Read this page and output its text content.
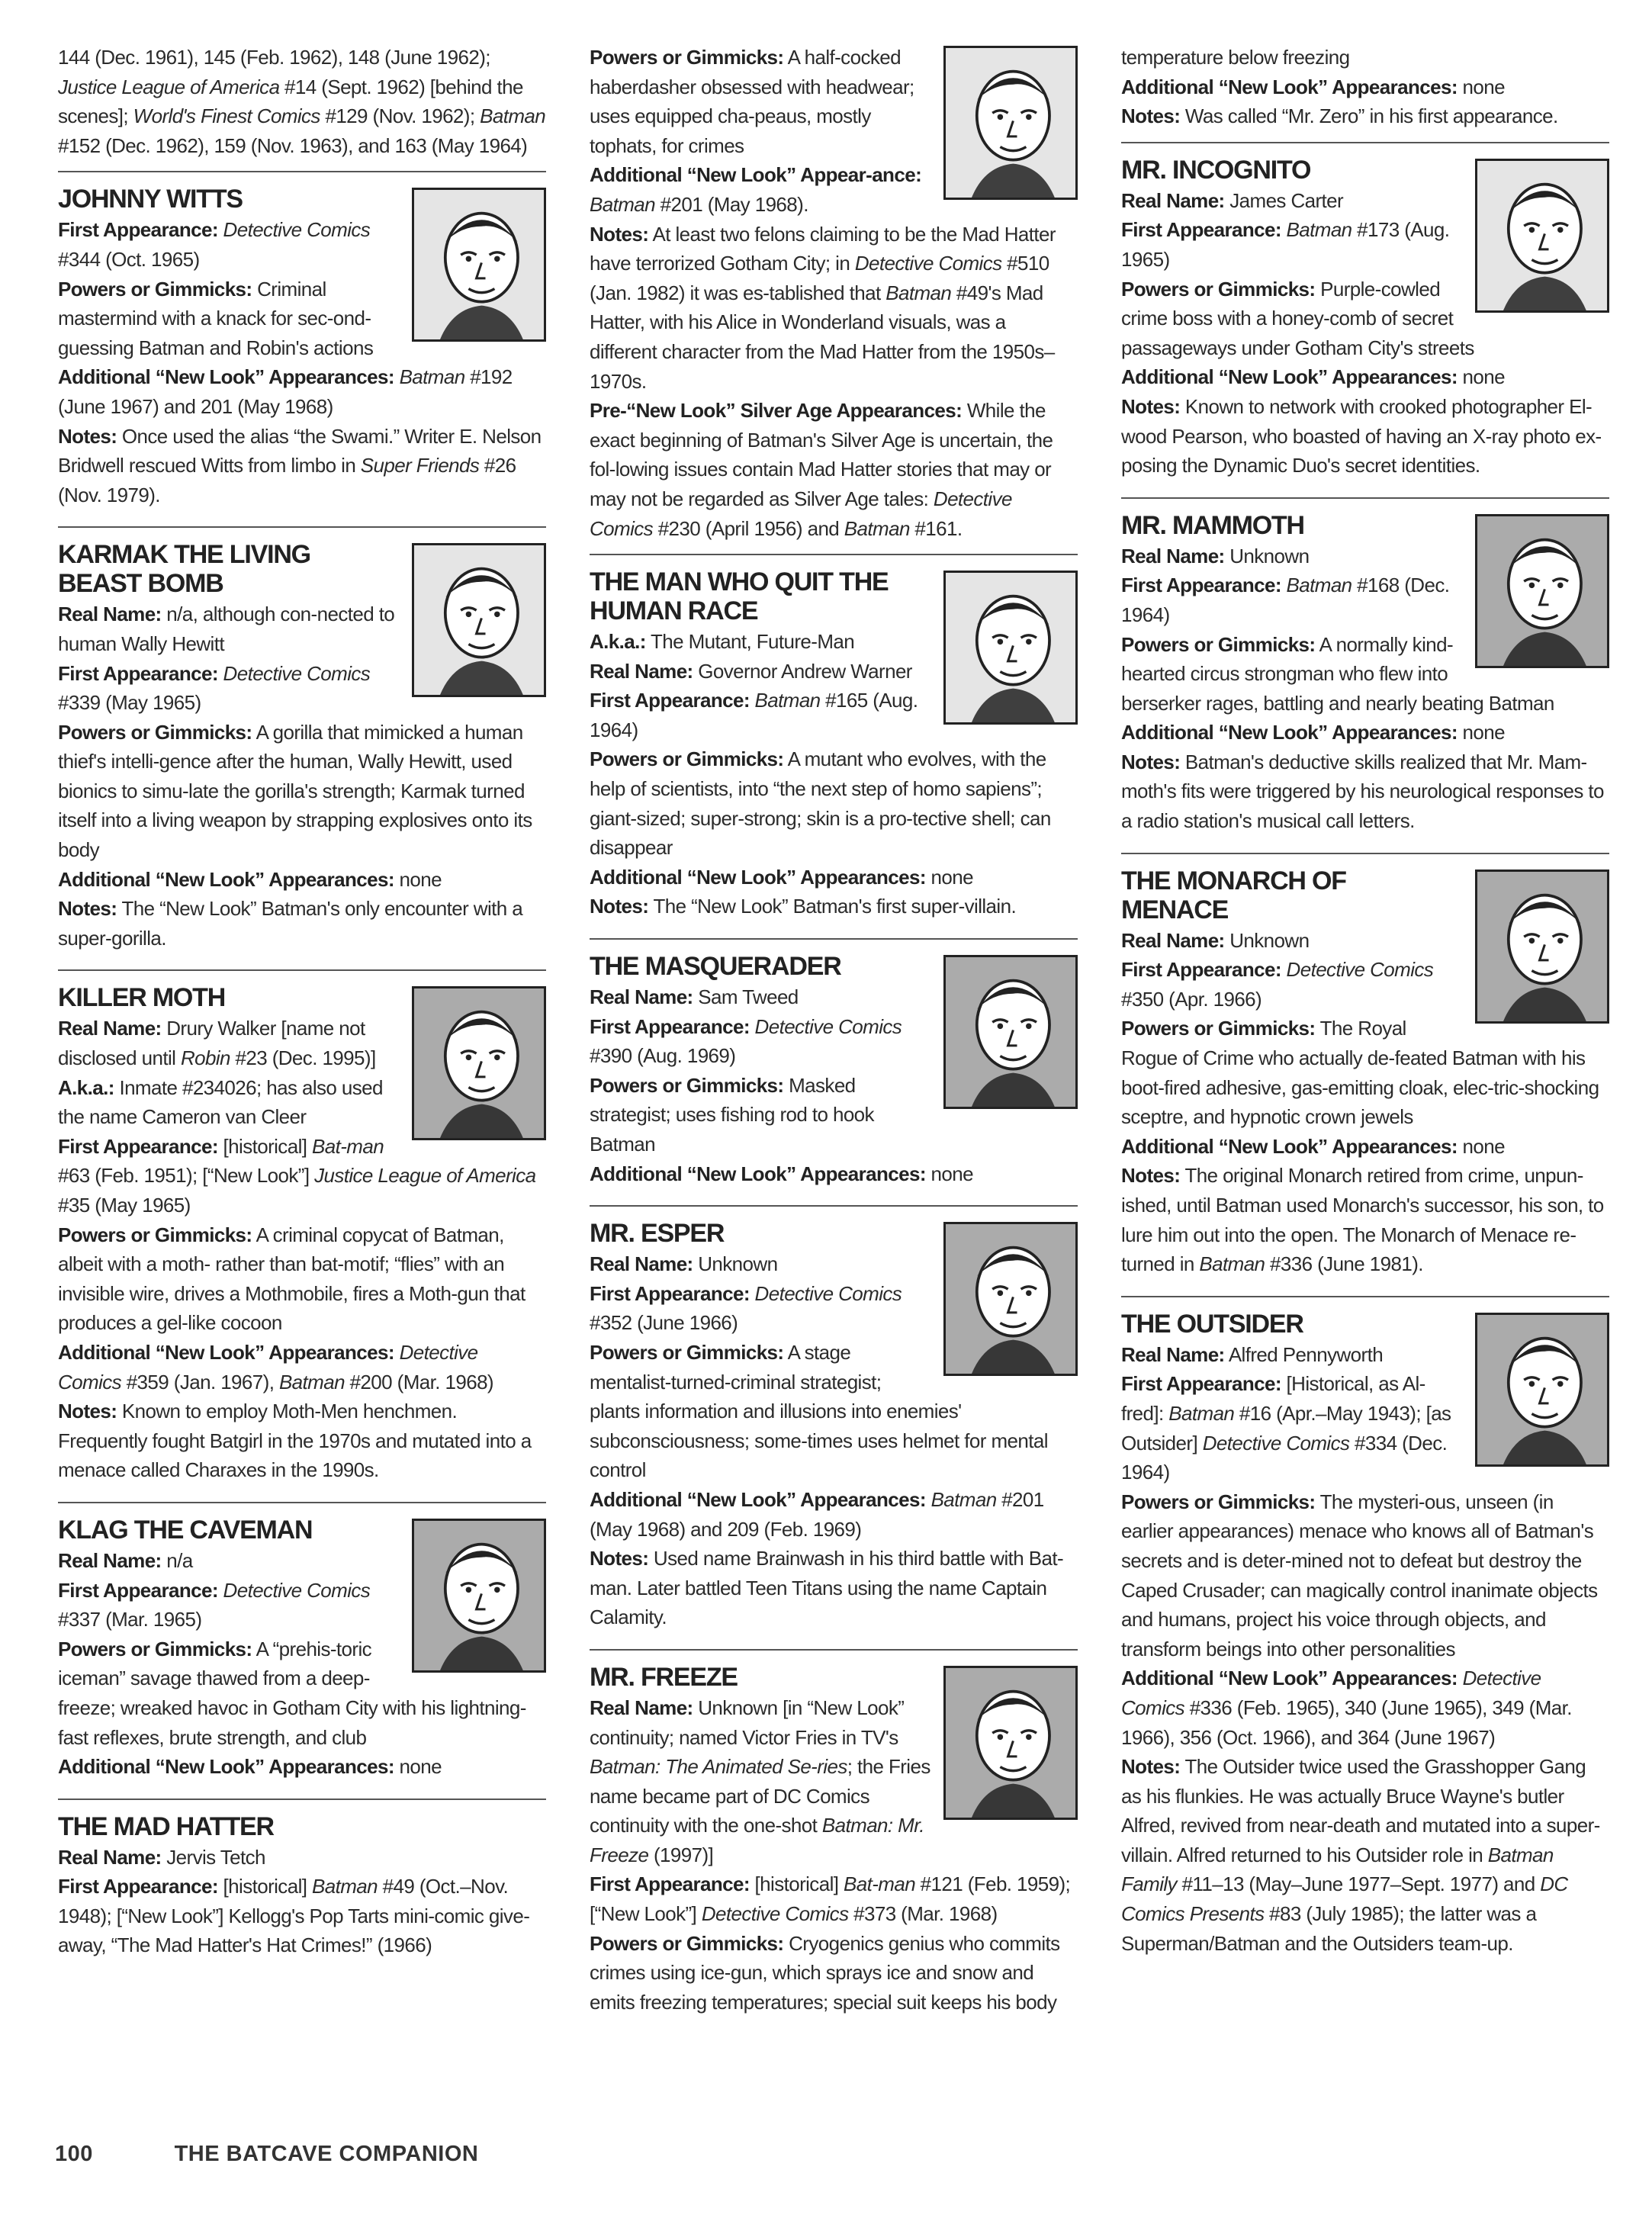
144 (Dec. 1961), 145 (Feb. 1962), 148 (June 1962); Justice League of America #14 (Sept. 1962) [behind the scenes]; World's Finest Comics #129 (Nov. 1962); Batman #152 (Dec. 1962), 159 (Nov. 1963), and 163 (May 1964)
JOHNNY WITTS
First Appearance: Detective Comics #344 (Oct. 1965)
Powers or Gimmicks: Criminal mastermind with a knack for sec-ond-guessing Batman and Robin's actions
Additional “New Look” Appearances: Batman #192 (June 1967) and 201 (May 1968)
Notes: Once used the alias “the Swami.” Writer E. Nelson Bridwell rescued Witts from limbo in Super Friends #26 (Nov. 1979).
KARMAK THE LIVING BEAST BOMB
Real Name: n/a, although con-nected to human Wally Hewitt
First Appearance: Detective Comics #339 (May 1965)
Powers or Gimmicks: A gorilla that mimicked a human thief's intelli-gence after the human, Wally Hewitt, used bionics to simu-late the gorilla's strength; Karmak turned itself into a living weapon by strapping explosives onto its body
Additional “New Look” Appearances: none
Notes: The “New Look” Batman's only encounter with a super-gorilla.
KILLER MOTH
Real Name: Drury Walker [name not disclosed until Robin #23 (Dec. 1995)]
A.k.a.: Inmate #234026; has also used the name Cameron van Cleer
First Appearance: [historical] Bat-man #63 (Feb. 1951); [“New Look”] Justice League of America #35 (May 1965)
Powers or Gimmicks: A criminal copycat of Batman, albeit with a moth- rather than bat-motif; “flies” with an invisible wire, drives a Mothmobile, fires a Moth-gun that produces a gel-like cocoon
Additional “New Look” Appearances: Detective Comics #359 (Jan. 1967), Batman #200 (Mar. 1968)
Notes: Known to employ Moth-Men henchmen. Frequently fought Batgirl in the 1970s and mutated into a menace called Charaxes in the 1990s.
KLAG THE CAVEMAN
Real Name: n/a
First Appearance: Detective Comics #337 (Mar. 1965)
Powers or Gimmicks: A “prehis-toric iceman” savage thawed from a deep-freeze; wreaked havoc in Gotham City with his lightning-fast reflexes, brute strength, and club
Additional “New Look” Appearances: none
THE MAD HATTER
Real Name: Jervis Tetch
First Appearance: [historical] Batman #49 (Oct.–Nov. 1948); [“New Look”] Kellogg's Pop Tarts mini-comic give-away, “The Mad Hatter's Hat Crimes!” (1966)
Powers or Gimmicks: A half-cocked haberdasher obsessed with headwear; uses equipped cha-peaus, mostly tophats, for crimes
Additional “New Look” Appear-ance: Batman #201 (May 1968).
Notes: At least two felons claiming to be the Mad Hatter have terrorized Gotham City; in Detective Comics #510 (Jan. 1982) it was es-tablished that Batman #49's Mad Hatter, with his Alice in Wonderland visuals, was a different character from the Mad Hatter from the 1950s–1970s.
Pre-“New Look” Silver Age Appearances: While the exact beginning of Batman's Silver Age is uncertain, the fol-lowing issues contain Mad Hatter stories that may or may not be regarded as Silver Age tales: Detective Comics #230 (April 1956) and Batman #161.
THE MAN WHO QUIT THE HUMAN RACE
A.k.a.: The Mutant, Future-Man
Real Name: Governor Andrew Warner
First Appearance: Batman #165 (Aug. 1964)
Powers or Gimmicks: A mutant who evolves, with the help of scientists, into “the next step of homo sapiens”; giant-sized; super-strong; skin is a pro-tective shell; can disappear
Additional “New Look” Appearances: none
Notes: The “New Look” Batman's first super-villain.
THE MASQUERADER
Real Name: Sam Tweed
First Appearance: Detective Comics #390 (Aug. 1969)
Powers or Gimmicks: Masked strategist; uses fishing rod to hook Batman
Additional “New Look” Appearances: none
MR. ESPER
Real Name: Unknown
First Appearance: Detective Comics #352 (June 1966)
Powers or Gimmicks: A stage mentalist-turned-criminal strategist; plants information and illusions into enemies' subconsciousness; some-times uses helmet for mental control
Additional “New Look” Appearances: Batman #201 (May 1968) and 209 (Feb. 1969)
Notes: Used name Brainwash in his third battle with Bat-man. Later battled Teen Titans using the name Captain Calamity.
MR. FREEZE
Real Name: Unknown [in “New Look” continuity; named Victor Fries in TV's Batman: The Animated Se-ries; the Fries name became part of DC Comics continuity with the one-shot Batman: Mr. Freeze (1997)]
First Appearance: [historical] Bat-man #121 (Feb. 1959); [“New Look”] Detective Comics #373 (Mar. 1968)
Powers or Gimmicks: Cryogenics genius who commits crimes using ice-gun, which sprays ice and snow and emits freezing temperatures; special suit keeps his body
temperature below freezing
Additional “New Look” Appearances: none
Notes: Was called “Mr. Zero” in his first appearance.
MR. INCOGNITO
Real Name: James Carter
First Appearance: Batman #173 (Aug. 1965)
Powers or Gimmicks: Purple-cowled crime boss with a honey-comb of secret passageways under Gotham City's streets
Additional “New Look” Appearances: none
Notes: Known to network with crooked photographer El-wood Pearson, who boasted of having an X-ray photo ex-posing the Dynamic Duo's secret identities.
MR. MAMMOTH
Real Name: Unknown
First Appearance: Batman #168 (Dec. 1964)
Powers or Gimmicks: A normally kind-hearted circus strongman who flew into berserker rages, battling and nearly beating Batman
Additional “New Look” Appearances: none
Notes: Batman's deductive skills realized that Mr. Mam-moth's fits were triggered by his neurological responses to a radio station's musical call letters.
THE MONARCH OF MENACE
Real Name: Unknown
First Appearance: Detective Comics #350 (Apr. 1966)
Powers or Gimmicks: The Royal Rogue of Crime who actually de-feated Batman with his boot-fired adhesive, gas-emitting cloak, elec-tric-shocking sceptre, and hypnotic crown jewels
Additional “New Look” Appearances: none
Notes: The original Monarch retired from crime, unpun-ished, until Batman used Monarch's successor, his son, to lure him out into the open. The Monarch of Menace re-turned in Batman #336 (June 1981).
THE OUTSIDER
Real Name: Alfred Pennyworth
First Appearance: [Historical, as Al-fred]: Batman #16 (Apr.–May 1943); [as Outsider] Detective Comics #334 (Dec. 1964)
Powers or Gimmicks: The mysteri-ous, unseen (in earlier appearances) menace who knows all of Batman's secrets and is deter-mined not to defeat but destroy the Caped Crusader; can magically control inanimate objects and humans, project his voice through objects, and transform beings into other personalities
Additional “New Look” Appearances: Detective Comics #336 (Feb. 1965), 340 (June 1965), 349 (Mar. 1966), 356 (Oct. 1966), and 364 (June 1967)
Notes: The Outsider twice used the Grasshopper Gang as his flunkies. He was actually Bruce Wayne's butler Alfred, revived from near-death and mutated into a super-villain. Alfred returned to his Outsider role in Batman Family #11–13 (May–June 1977–Sept. 1977) and DC Comics Presents #83 (July 1985); the latter was a Superman/Batman and the Outsiders team-up.
100	THE BATCAVE COMPANION
